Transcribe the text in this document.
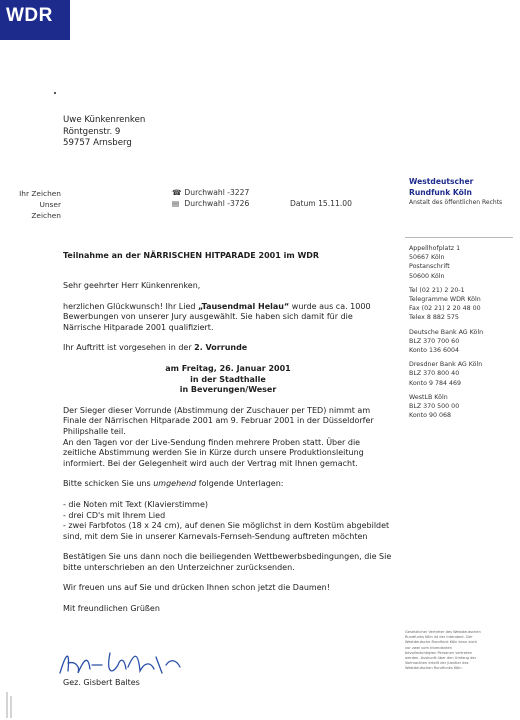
WDR
Uwe Künkenrenken
Röntgenstr. 9
59757 Arnsberg
Ihr Zeichen
Unser Zeichen
☎ Durchwahl -3227
▤ Durchwahl -3726	Datum 15.11.00
Westdeutscher
Rundfunk Köln
Anstalt des öffentlichen Rechts
Appellhofplatz 1
50667 Köln
Postanschrift
50600 Köln
Tel (02 21) 2 20-1
Telegramme WDR Köln
Fax (02 21) 2 20 48 00
Telex 8 882 575
Deutsche Bank AG Köln
BLZ 370 700 60
Konto 136 6004
Dresdner Bank AG Köln
BLZ 370 800 40
Konto 9 784 469
WestLB Köln
BLZ 370 500 00
Konto 90 068
Teilnahme an der NÄRRISCHEN HITPARADE 2001 im WDR

Sehr geehrter Herr Künkenrenken,

herzlichen Glückwunsch! Ihr Lied „Tausendmal Helau“ wurde aus ca. 1000 Bewerbungen von unserer Jury ausgewählt. Sie haben sich damit für die Närrische Hitparade 2001 qualifiziert.

Ihr Auftritt ist vorgesehen in der 2. Vorrunde

am Freitag, 26. Januar 2001
in der Stadthalle
in Beverungen/Weser

Der Sieger dieser Vorrunde (Abstimmung der Zuschauer per TED) nimmt am Finale der Närrischen Hitparade 2001 am 9. Februar 2001 in der Düsseldorfer Philipshalle teil.

An den Tagen vor der Live-Sendung finden mehrere Proben statt. Über die zeitliche Abstimmung werden Sie in Kürze durch unsere Produktionsleitung informiert. Bei der Gelegenheit wird auch der Vertrag mit Ihnen gemacht.

Bitte schicken Sie uns umgehend folgende Unterlagen:

- die Noten mit Text (Klavierstimme)
- drei CD's mit Ihrem Lied
- zwei Farbfotos (18 x 24 cm), auf denen Sie möglichst in dem Kostüm abgebildet sind, mit dem Sie in unserer Karnevals-Fernseh-Sendung auftreten möchten

Bestätigen Sie uns dann noch die beiliegenden Wettbewerbsbedingungen, die Sie bitte unterschrieben an den Unterzeichner zurücksenden.

Wir freuen uns auf Sie und drücken Ihnen schon jetzt die Daumen!

Mit freundlichen Grüßen

Gez. Gisbert Baltes
Gesetzlicher Vertreter des Westdeutschen Rundfunks Köln ist der Intendant. Der Westdeutsche Rundfunk Köln kann auch vor zwei vom Intendanten bevollmächtigten Personen vertreten werden. Auskunft über den Umfang der Vollmachten erteilt der Justitiar des Westdeutschen Rundfunks Köln.
